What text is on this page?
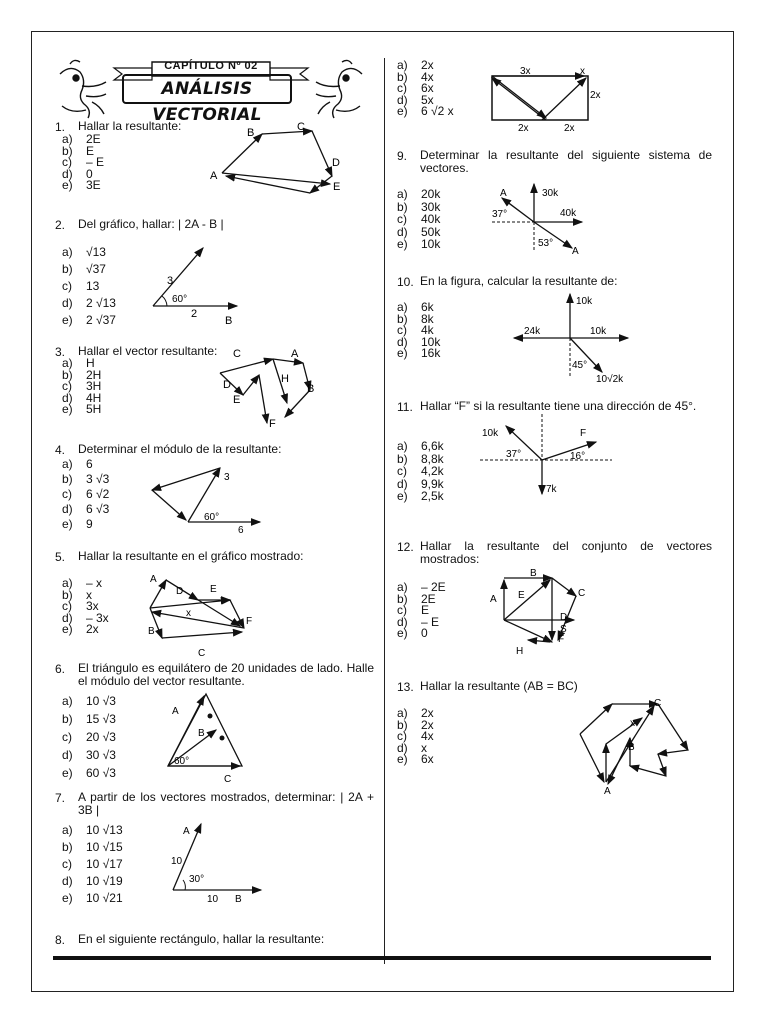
CAPÍTULO Nº 02
ANÁLISIS VECTORIAL
1.	Hallar la resultante:
a)	2E
b)	E
c)	– E
d)	0
e)	3E
A
B	C
D
E
2.	Del gráfico, hallar: | 2A - B |
a)	√13
b)	√37
c)	13
d)	2 √13
e)	2 √37
3
60°
2
B
3.	Hallar el vector resultante:
a)	H
b)	2H
c)	3H
d)	4H
e)	5H
C	A
D	H
E
B
F
4.	Determinar el módulo de la resultante:
a)	6
b)	3 √3
c)	6 √2
d)	6 √3
e)	9
3
60°
6
5.	Hallar la resultante en el gráfico mostrado:
a)	– x
b)	x
c)	3x
d)	– 3x
e)	2x
A
D	E
x
B
C
F
6.	El triángulo es equilátero de 20 unidades de lado. Halle el módulo del vector resultante.
a)	10 √3
b)	15 √3
c)	20 √3
d)	30 √3
e)	60 √3
A
B
60°
C
7.	A partir de los vectores mostrados, determinar: | 2A + 3B |
a)	10 √13
b)	10 √15
c)	10 √17
d)	10 √19
e)	10 √21
A
10
30°
10 B
8.	En el siguiente rectángulo, hallar la resultante:
a)	2x
b)	4x
c)	6x
d)	5x
e)	6 √2 x
3x	x
2x
2x	2x
9.	Determinar la resultante del siguiente sistema de vectores.
a)	20k
b)	30k
c)	40k
d)	50k
e)	10k
A	30k
37°	40k
53°
A
10. En la figura, calcular la resultante de:
a)	6k
b)	8k
c)	4k
d)	10k
e)	16k
10k
24k	10k
45°
10√2k
11. Hallar “F” si la resultante tiene una dirección de 45°.
a)	6,6k
b)	8,8k
c)	4,2k
d)	9,9k
e)	2,5k
10k	F
37°	16°
7k
12. Hallar la resultante del conjunto de vectores mostrados:
a)	– 2E
b)	2E
c)	E
d)	– E
e)	0
B
A E	C
D
S
F
H
13. Hallar la resultante (AB = BC)
a)	2x
b)	2x
c)	4x
d)	x
e)	6x
C
x
B
A
